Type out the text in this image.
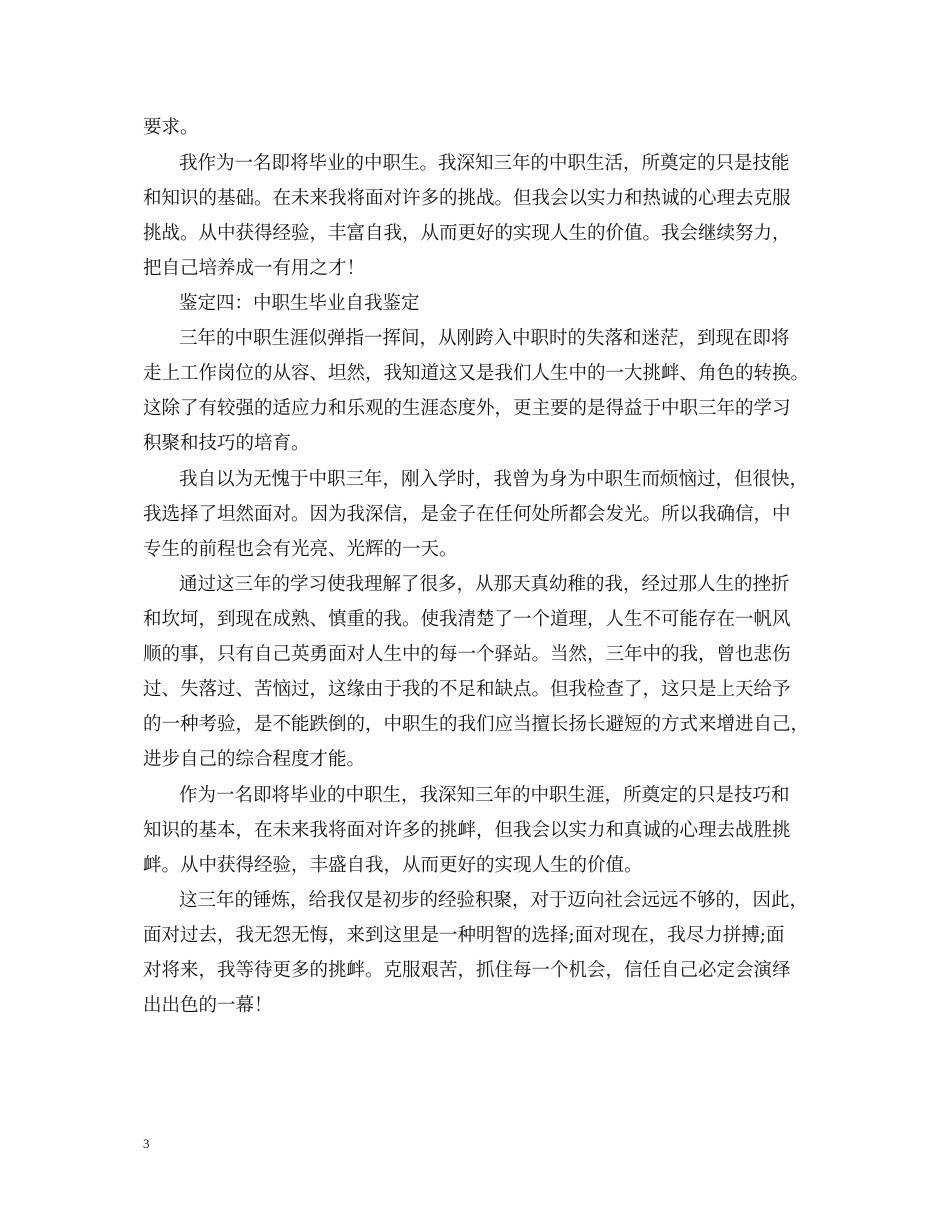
要求。
我作为一名即将毕业的中职生。我深知三年的中职生活，所奠定的只是技能
和知识的基础。在未来我将面对许多的挑战。但我会以实力和热诚的心理去克服
挑战。从中获得经验，丰富自我，从而更好的实现人生的价值。我会继续努力，
把自己培养成一有用之才！
鉴定四：中职生毕业自我鉴定
三年的中职生涯似弹指一挥间，从刚跨入中职时的失落和迷茫，到现在即将
走上工作岗位的从容、坦然，我知道这又是我们人生中的一大挑衅、角色的转换。
这除了有较强的适应力和乐观的生涯态度外，更主要的是得益于中职三年的学习
积聚和技巧的培育。
我自以为无愧于中职三年，刚入学时，我曾为身为中职生而烦恼过，但很快，
我选择了坦然面对。因为我深信，是金子在任何处所都会发光。所以我确信，中
专生的前程也会有光亮、光辉的一天。
通过这三年的学习使我理解了很多，从那天真幼稚的我，经过那人生的挫折
和坎坷，到现在成熟、慎重的我。使我清楚了一个道理，人生不可能存在一帆风
顺的事，只有自己英勇面对人生中的每一个驿站。当然，三年中的我，曾也悲伤
过、失落过、苦恼过，这缘由于我的不足和缺点。但我检查了，这只是上天给予
的一种考验，是不能跌倒的，中职生的我们应当擅长扬长避短的方式来增进自己，
进步自己的综合程度才能。
作为一名即将毕业的中职生，我深知三年的中职生涯，所奠定的只是技巧和
知识的基本，在未来我将面对许多的挑衅，但我会以实力和真诚的心理去战胜挑
衅。从中获得经验，丰盛自我，从而更好的实现人生的价值。
这三年的锤炼，给我仅是初步的经验积聚，对于迈向社会远远不够的，因此，
面对过去，我无怨无悔，来到这里是一种明智的选择;面对现在，我尽力拼搏;面
对将来，我等待更多的挑衅。克服艰苦，抓住每一个机会，信任自己必定会演绎
出出色的一幕！
3
